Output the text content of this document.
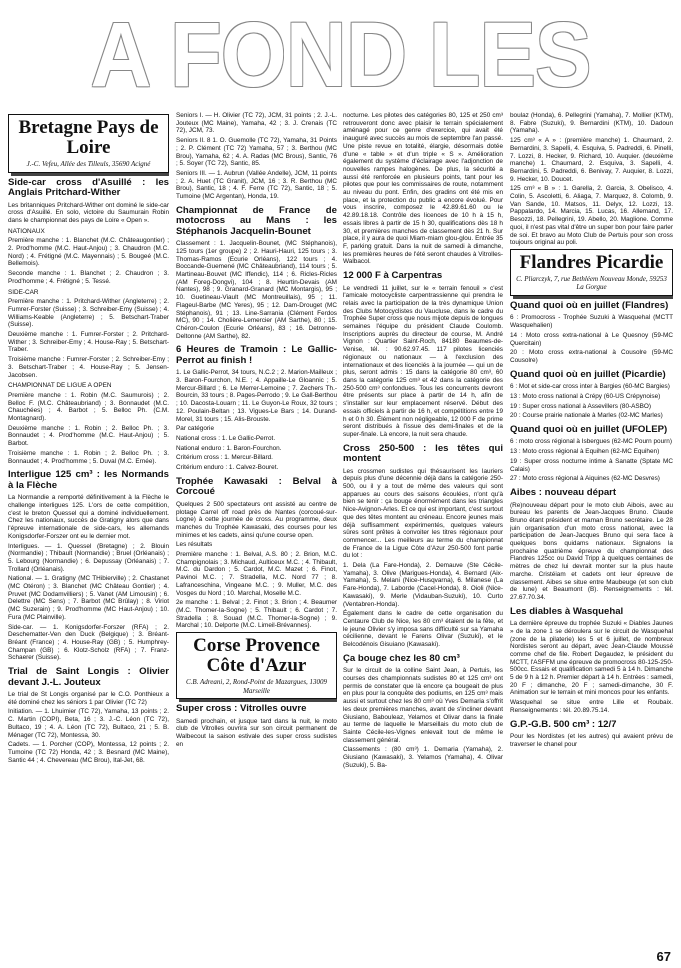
A FOND LES
Bretagne Pays de Loire
J.-C. Vefeu, Allée des Tilleuls, 35690 Acigné
Side-car cross d'Asuillé : les Anglais Pritchard-Wither

Les britanniques Pritchard-Wither ont dominé le side-car cross d'Asuillé. En solo, victoire du Saumurain Robin dans le championnat des pays de Loire « Open ».

NATIONAUX

Première manche : 1. Blanchet (M.C. Châteaugontier) ; 2. Prod'homme (M.C. Haut-Anjou) ; 3. Chaudron (M.C. Nord) ; 4. Frétigné (M.C. Mayennais) ; 5. Bougeé (M.C. Bellemois).

Seconde manche : 1. Blanchet ; 2. Chaudron ; 3. Prod'homme ; 4. Frétigné ; 5. Tessé.

SIDE-CAR

Première manche : 1. Pritchard-Wither (Angleterre) ; 2. Fumrer-Forster (Suisse) ; 3. Schreiber-Emy (Suisse) ; 4. Williams-Keable (Angleterre) ; 5. Betschart-Traber (Suisse).

Deuxième manche : 1. Fumrer-Forster ; 2. Pritchard-Wither ; 3. Schreiber-Emy ; 4. House-Ray ; 5. Betschart-Traber.

Troisième manche : Fumrer-Forster ; 2. Schreiber-Emy ; 3. Betschart-Traber ; 4. House-Ray ; 5. Jensen-Jacobsen.

CHAMPIONNAT DE LIGUE A OPEN

Première manche : 1. Robin (M.C. Saumurois) ; 2. Belloc F. (M.C. Châteaubriand) ; 3. Bonnaudet (M.C. Chauchées) ; 4. Barbot ; 5. Belloc Ph. (C.M. Montagnard).

Deuxième manche : 1. Robin ; 2. Belloc Ph. ; 3. Bonnaudet ; 4. Prod'homme (M.C. Haut-Anjou) ; 5. Barbot.

Troisième manche : 1. Robin ; 2. Belloc Ph. ; 3. Bonnaudet ; 4. Prod'homme ; 5. Duval (M.C. Ernée).

Interligue 125 cm³ : les Normands à la Flèche

La Normandie a remporté définitivement à la Flèche le challenge interligues 125. L'ors de cette compétition, c'est le breton Quessel qui a dominé individuellement. Chez les nationaux, succès de Gratigny alors que dans l'épreuve internationale de side-cars, les allemands Konigsdorfer-Forszer ont eu le dernier mot.

Interligues. — 1. Quessel (Bretagne) ; 2. Blouin (Normandie) ; Thibault (Normandie) ; Bruel (Orléanais) ; 5. Lebourg (Normandie) ; 6. Depussay (Orléanais) ; 7. Trollard (Orléanais).

National. — 1. Gratigny (MC THibierville) ; 2. Chastanet (MC Otéron) ; 3. Blanchet (MC Château Gontier) ; 4. Pruvet (MC Dodamvilliers) ; 5. Vanet (AM Limousin) ; 6. Delettre (MC Sens) ; 7. Barbot (MC Brûlay) ; 8. Viriot (MC Suzerain) ; 9. Prod'homme (MC Haut-Anjou) ; 10. Fura (MC Plainville).

Side-car. — 1. Konigsdorfer-Forszer (RFA) ; 2. Deschematter-Ven den Duck (Belgique) ; 3. Bréant-Bréant (France) ; 4. House-Ray (GB) ; 5. Humphrey-Champan (GB) ; 6. Klotz-Scholz (RFA) ; 7. Franz-Schaerer (Suisse).

Trial de Saint Longis : Olivier devant J.-L. Jouteux

Le trial de St Longis organisé par le C.O. Ponthieux a été dominé chez les séniors 1 par Olivier (TC 72)

Initiation. — 1. Lhuimier (TC 72), Yamaha, 13 points ; 2. C. Martin (COPI), Beta, 16 ; 3. J.-C. Léon (TC 72), Bultaco, 19 ; 4. A. Léon (TC 72), Bultaco, 21 ; 5. B. Ménager (TC 72), Montessa, 30.

Cadets. — 1. Porcher (COP), Montessa, 12 points ; 2. Tumoine (TC 72) Honda, 42 ; 3. Besnard (MC Maine), Santic 44 ; 4. Chevereau (MC Brou), Ital-Jet, 68.

Seniors I. — H. Olivier (TC 72), JCM, 31 points ; 2. J.-L. Jouteux (MC Maine), Yamaha, 42 ; 3. J. Crenais (TC 72), JCM, 73.

Seniors II. 8 1. O. Guemolle (TC 72), Yamaha, 31 Points ; 2. P. Clément (TC 72) Yamaha, 57 ; 3. Berthou (MC Brou), Yamaha, 62 ; 4. A. Radas (MC Brous), Santic, 76 ; 5. Soyer (TC 72), Santic, 85.

Seniors III. — 1. Aubrun (Vallée Andelle), JCM, 11 points ; 2. A. Huet (TC Granit), JCM, 16 ; 3. R. Berthou (MC Brou), Santic, 18 ; 4. F. Ferre (TC 72), Santic, 18 ; 5. Tumoine (MC Argentan), Honda, 19.

Championnat de France de motocross au Mans : les Stéphanois Jacquelin-Bounet

Classement : 1. Jacquelin-Bounet, (MC Stéphanois), 125 tours (1er groupe) 2 ; 2. Hauri-Hauri, 125 tours ; 3. Thomas-Ramos (Ecurie Orléans), 122 tours ; 4. Boccande-Guemené (MC Châteaubriand), 114 tours ; 5. Martineau-Bouvet (MC Iffendic), 114 ; 6. Ricles-Ricles (AM Foreg-Dongvi), 104 ; 8. Heurtin-Devais (AM Nantes), 98 ; 9. Granard-Granard (MC Montargis), 95 ; 10. Guetineau-Viault (MC Montreuillais), 95 ; 11. Flageul-Barbe (MC Yeres), 95 ; 12. Dam-Drouget (MC Stéphanois), 91 ; 13. Line-Sarrania (Clément Ferdos MC), 90 ; 14. Cholière-Lemercier (AM Sarthe), 80 ; 15. Chéron-Coulon (Ecurie Orléans), 83 ; 16. Detronne-Deltonne (AM Sarthe), 82.

6 Heures de Tramoin : Le Gallic-Perrot au finish !

1. Le Gallic-Perrot, 34 tours, N.C.2 ; 2. Marion-Mailleux ; 3. Baron-Fourchon, N.E. ; 4. Appaille-Le Gloannic ; 5. Mercur-Billard ; 6. Le Merrer-Lemoine ; 7. Zechers Th.-Bourcin, 33 tours ; 8. Pages-Perrodo ; 9. Le Gall-Berthou ; 10. Dacosta-Louarn ; 11. Le Guyon-Le Roux, 32 tours ; 12. Poulain-Beltan ; 13. Vigues-Le Bars ; 14. Durand-Morel, 31 tours ; 15. Alis-Brouste.

Par catégorie

National cross : 1. Le Gallic-Perrot.

National enduro : 1. Baron-Fourchon.

Critérium cross : 1. Mercur-Billard.

Critérium enduro : 1. Calvez-Bouret.

Trophée Kawasaki : Belval à Corcoué

Quelques 2 500 spectateurs ont assisté au centre de plotage Carrel off road près de Nantes (corcoué-sur-Logne) à cette journée de cross. Au programme, deux manches du Trophée Kawasaki, des courses pour les minimes et les cadets, ainsi qu'une course open.

Les résultats

Première manche : 1. Belval, A.S. 80 ; 2. Brion, M.C. Champignolais ; 3. Michaud, Aulticeux M.C. ; 4. Thibault, M.C. du Dardon ; 5. Cardot, M.C. Mazet ; 6. Finot, Pavinoi M.C. ; 7. Stradella, M.C. Nord 77 ; 8. Lafranceschina, Vingeane M.C. ; 9. Muller, M.C. des Vosges du Nord ; 10. Marchal, Moselle M.C.

2e manche : 1. Belval ; 2. Finot ; 3. Brion ; 4. Beaumer (M.C. Thomer-la-Sogne) ; 5. Thibault ; 6. Cardot ; 7. Stradella ; 8. Souad (M.C. Thomer-la-Sogne) ; 9. Marchal ; 10. Delporte (M.C. Limeil-Brévannes).

Corse Provence Côte d'Azur
C.B. Adreani, 2, Rond-Point de Mazargues, 13009 Marseille
Super cross : Vitrolles ouvre

Samedi prochain, et jusque tard dans la nuit, le moto club de Vitrolles ouvrira sur son circuit permanent de Walbecout la saison estivale des super cross sudistes en

nocturne. Les pilotes des catégories 80, 125 et 250 cm³ retrouveront donc avec plaisir le terrain spécialement aménagé pour ce genre d'exercice, qui avait été inauguré avec succès au mois de septembre l'an passé. Une piste revue en totalité, élargie, désormais dotée d'une « table » et d'un triple « S ». Amélioration également du système d'éclairage avec l'adjonction de nouvelles rampes halogènes. De plus, la sécurité a aussi été renforcée en plusieurs points, tant pour les pilotes que pour les commissaires de route, notamment au niveau du pont. Enfin, des gradins ont été mis en place, et la protection du public a encore évolué. Pour vous inscrire, composez le 42.89.61.60 ou le 42.89.18.18. Contrôle des licences de 10 h à 15 h, essais libres à partir de 15 h 30, qualifications dès 18 h 30, et premières manches de classement dès 21 h. Sur place, il y aura de quoi Miam-miam glou-glou. Entrée 35 F, parking gratuit. Dans la nuit de samedi à dimanche, les premières heures de l'été seront chaudes à Vitrolles-Walbacol.

12 000 F à Carpentras

Le vendredi 11 juillet, sur le « terrain fenouil » c'est l'amicale motocycliste carpentrassienne qui prendra le relais avec la participation de la très dynamique Union des Clubs Motocyclistes du Vaucluse, dans le cadre du Trophée Super cross que nous mijote depuis de longues semaines l'équipe du président Claude Coulomb. Inscriptions auprès du directeur de course, M. André Vignon : Quartier Saint-Roch, 84180 Beaumes-de-Venise, tél. : 90.62.97.45. 117 pilotes licenciés régionaux ou nationaux — à l'exclusion des internationaux et des licenciés à la journée — qui un de plus, seront admis : 15 dans la catégorie 80 cm³, 60 dans la catégorie 125 cm³ et 42 dans la catégorie des 250-500 cm³ confondues. Tous les concurrents devront être présents sur place à partir de 14 h, afin de s'installer sur leur emplacement réservé. Début des essais officiels à partir de 16 h, et compétitions entre 19 h et 0 h 30. Élément non négligeable, 12 000 F de prime seront distribués à l'issue des demi-finales et de la super-finale. Là encore, la nuit sera chaude.

Cross 250-500 : les têtes qui montent

Les crossmen sudistes qui thésaurisent les lauriers depuis plus d'une décennie déjà dans la catégorie 250-500, ou il y a tout de même des valeurs qui sont apparues au cours des saisons écoulées, n'ont qu'à bien se tenir : ça bouge énormément dans les triangles Nice-Avignon-Arles. Et ce qui est important, c'est surtout que des têtes montent au créneau. Encore jeunes mais déjà suffisamment expérimentés, quelques valeurs sûres sont prêtes à convoiter les titres régionaux pour commencer... Les meilleurs au terme du championnat de France de la Ligue Côte d'Azur 250-500 font partie du lot :

1. Dela (La Fare-Honda), 2. Demauve (Ste Cécile-Yamaha), 3. Olive (Marigues-Honda), 4. Bernard (Aix-Yamaha), 5. Melani (Nice-Husqvarna), 6. Milanese (La Fare-Honda), 7. Laborde (Cacel-Honda), 8. Oioli (Nice-Kawasaki), 9. Merle (Vidauban-Suzuki), 10. Curto (Ventabren-Honda).

Également dans le cadre de cette organisation du Centaure Club de Nice, les 80 cm³ étaient de la fête, et le jeune Olivier s'y imposa sans difficulté sur sa Yamaha cécilienne, devant le Farens Olivar (Suzuki), et le Belcodénois Gisuiano (Kawasaki).

Ça bouge chez les 80 cm³

Sur le circuit de la colline Saint Jean, à Pertuis, les courses des championnats sudistes 80 et 125 cm³ ont permis de constater que là encore ça bougeait de plus en plus pour la conquête des podiums, en 125 cm³ mais aussi et surtout chez les 80 cm³ où Yves Demaria s'offrit les deux premières manches, avant de s'incliner devant Giusiano, Babouleaz, Yelamos et Olivar dans la finale au terme de laquelle le Marseillais du moto club de Sainte Cécile-les-Vignes enlevait tout de même le classement général.

Classements : (80 cm³) 1. Demaria (Yamaha), 2. Giusiano (Kawasaki), 3. Yelamos (Yamaha), 4. Olivar (Suzuki), 5. Ba-

boulaz (Honda), 6. Pellegrini (Yamaha), 7. Mollier (KTM), 8. Fabre (Suzuki), 9. Bernardini (KTM), 10. Dadoun (Yamaha).

125 cm³ « A » : (première manche) 1. Chaumard, 2. Bernardini, 3. Sapelli, 4. Esquiva, 5. Padreddi, 6. Pinelli, 7. Lozzi, 8. Hecker, 9. Richard, 10. Auquier. (deuxième manche) 1. Chaumard, 2. Esquiva, 3. Sapelli, 4. Bernardini, 5. Padreddi, 6. Benivay, 7. Auquier, 8. Lozzi, 9. Hecker, 10. Doucet.

125 cm³ « B » : 1. Garella, 2. Garcia, 3. Obelisco, 4. Colin, 5. Ascoletti, 6. Aliaga, 7. Marquez, 8. Colomb, 9. Van Sande, 10. Matsos, 11. Delyx, 12. Lozzi, 13. Pappalardo, 14. Marcia, 15. Lucas, 16. Allemand, 17. Besozzi, 18. Pellegrini, 19. Abello, 20. Maglione. Comme quoi, il n'est pas vital d'être un super bon pour faire parler de soi. Et bravo au Moto Club de Pertuis pour son cross toujours original au poli.

Flandres Picardie
C. Pliarczyk, 7, rue Bethléem Nouveau Monde, 59253 La Gorgue
Quand quoi où en juillet (Flandres)

6 : Promocross - Trophée Suzuki à Wasquehal (MCTT Wasquehalien)

14 : Moto cross extra-national à Le Quesnoy (59-MC Quercitain)

20 : Moto cross extra-national à Cousolre (59-MC Cousolre)

Quand quoi où en juillet (Picardie)

6 : Mot et side-car cross inter à Bargies (60-MC Bargies)

13 : Moto cross national à Crépy (60-US Crépynoise)

19 : Super cross national à Assevillers (80-ASBO)

20 : Course prairie nationale à Marles (02-MC Marles)

Quand quoi où en juillet (UFOLEP)

6 : moto cross régional à Isbergues (62-MC Pourn pourn)

13 : Moto cross régional à Equihen (62-MC Equihen)

19 : Super cross nocturne intime à Sanatte (Sptate MC Calais)

27 : Moto cross régional à Aiquines (62-MC Desvres)

Aibes : nouveau départ

(Re)nouveau départ pour le moto club Aibois, avec au bureau les parents de Jean-Jacques Bruno. Claude Bruno étant président et maman Bruno secrétaire. Le 28 juin organisation d'un moto cross national, avec la participation de Jean-Jacques Bruno qui sera face à quelques bons quidams nationaux. Signalons la prochaine quatrième épreuve du championnat des Flandres 125cc ou David Tripp à quelques centaines de mètres de chez lui devrait monter sur la plus haute marche. Cristéiam et cadets ont leur épreuve de classement. Aibes se situe entre Maubeuge (et son club de lune) et Beaumont (B). Renseignements : tél. 27.67.70.34.

Les diables à Wasquehal

La dernière épreuve du trophée Suzuki « Diables Jaunes » de la zone 1 se déroulera sur le circuit de Wasquehal (zone de la pilaterie) les 5 et 6 juillet, de nombreux Nordistes seront au départ, avec Jean-Claude Moussé comme chef de file. Robert Degaudez, le président du MCTT, l'ASFFM une épreuve de promocross 80-125-250-500cc. Essais et qualification samedi 5 à 14 h. Dimanche 5 de 9 h à 12 h. Premier départ à 14 h. Entrées : samedi, 20 F ; dimanche, 20 F ; samedi-dimanche, 30 F. Animation sur le terrain et mini moncos pour les enfants.

Wasquehal se situe entre Lille et Roubaix. Renseignements : tél. 20.89.75.14.

G.P.-G.B. 500 cm³ : 12/7

Pour les Nordistes (et les autres) qui avaient prévu de traverser le chanel pour

67
